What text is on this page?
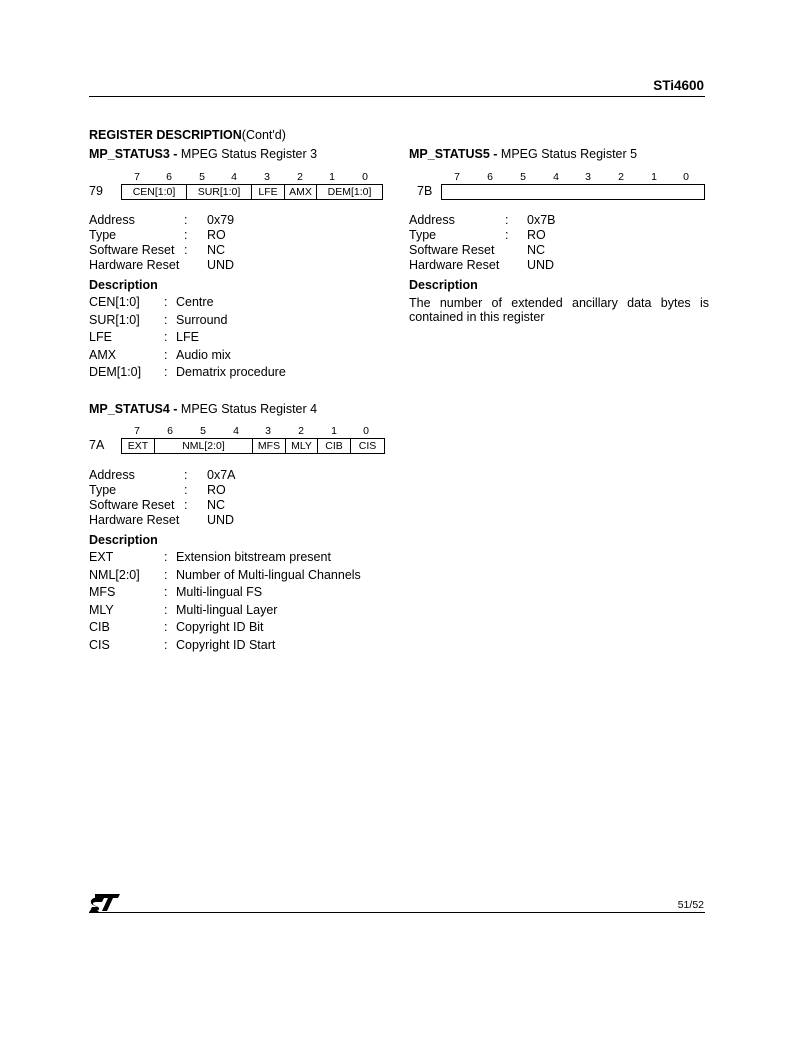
STi4600
REGISTER DESCRIPTION(Cont'd)
MP_STATUS3 - MPEG Status Register 3
7	6	5	4	3	2	1	0
79	CEN[1:0]	SUR[1:0]	LFE	AMX	DEM[1:0]
Address	: 0x79
Type	: RO
Software Reset : NC
Hardware Reset UND
Description
CEN[1:0] : Centre
SUR[1:0] : Surround
LFE	: LFE
AMX	: Audio mix
DEM[1:0] : Dematrix procedure
MP_STATUS4 - MPEG Status Register 4
7	6	5	4	3	2	1	0
7A	EXT	NML[2:0]	MFS	MLY	CIB	CIS
Address	: 0x7A
Type	: RO
Software Reset : NC
Hardware Reset UND
Description
EXT	: Extension bitstream present
NML[2:0] : Number of Multi-lingual Channels
MFS	: Multi-lingual FS
MLY	: Multi-lingual Layer
CIB	: Copyright ID Bit
CIS	: Copyright ID Start
MP_STATUS5 - MPEG Status Register 5
7	6	5	4	3	2	1	0
7B
Address	: 0x7B
Type	: RO
Software Reset	NC
Hardware Reset UND
Description
The number of extended ancillary data bytes is contained in this register
51/52
